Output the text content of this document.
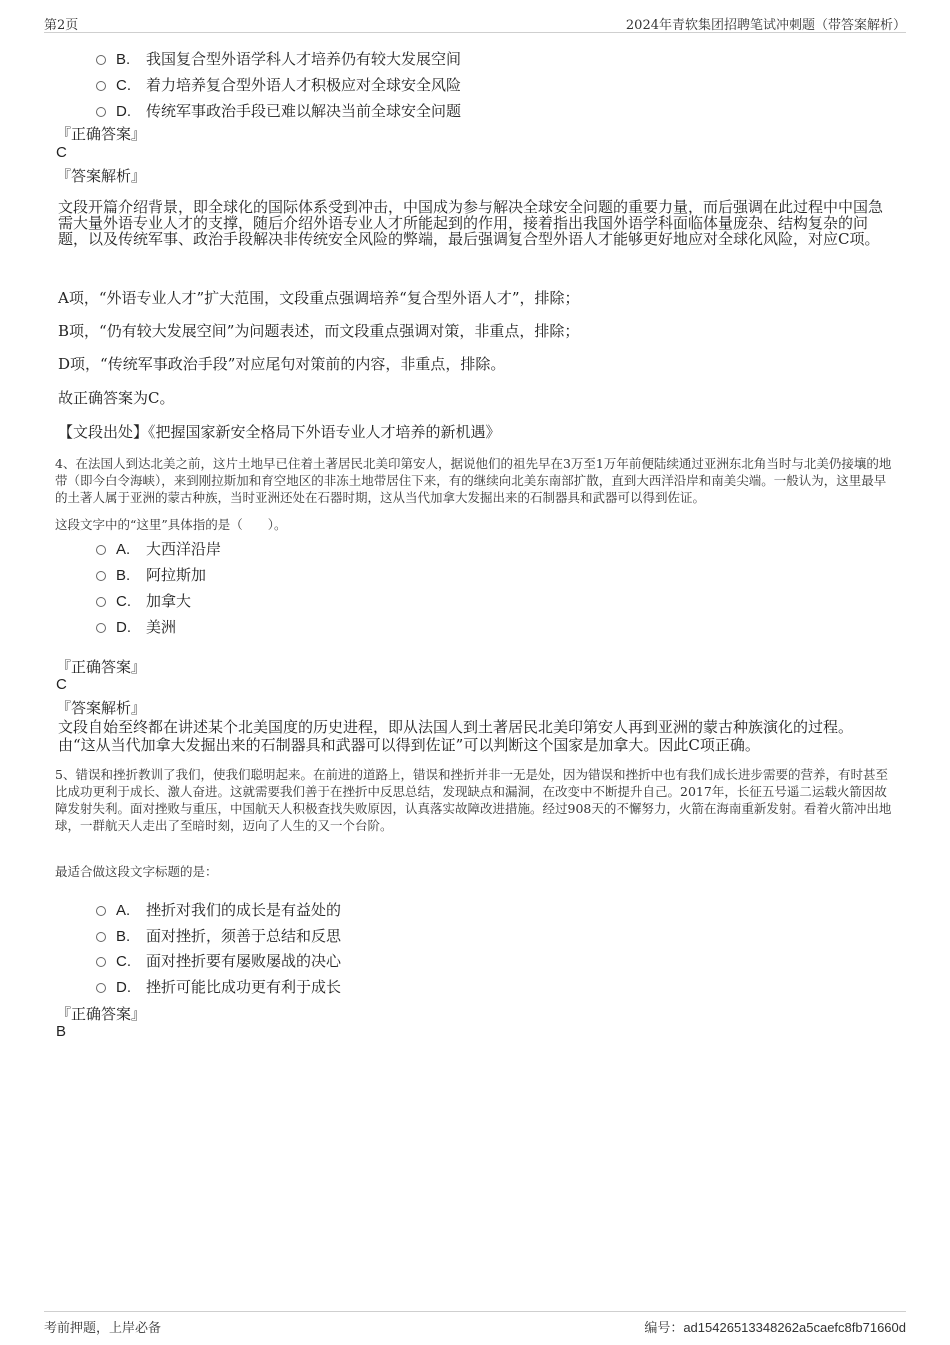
第2页	2024年青软集团招聘笔试冲刺题（带答案解析）
B. 我国复合型外语学科人才培养仍有较大发展空间
C. 着力培养复合型外语人才积极应对全球安全风险
D. 传统军事政治手段已难以解决当前全球安全问题
『正确答案』
C
『答案解析』
文段开篇介绍背景，即全球化的国际体系受到冲击，中国成为参与解决全球安全问题的重要力量，而后强调在此过程中中国急需大量外语专业人才的支撑，随后介绍外语专业人才所能起到的作用，接着指出我国外语学科面临体量庞杂、结构复杂的问题，以及传统军事、政治手段解决非传统安全风险的弊端，最后强调复合型外语人才能够更好地应对全球化风险，对应C项。
A项，“外语专业人才”扩大范围，文段重点强调培养“复合型外语人才”，排除；
B项，“仍有较大发展空间”为问题表述，而文段重点强调对策，非重点，排除；
D项，“传统军事政治手段”对应尾句对策前的内容，非重点，排除。
故正确答案为C。
【文段出处】《把握国家新安全格局下外语专业人才培养的新机遇》
4、在法国人到达北美之前，这片土地早已住着土著居民北美印第安人，据说他们的祖先早在3万至1万年前便陆续通过亚洲东北角当时与北美仍接壤的地带（即今白令海峡），来到刚拉斯加和育空地区的非冻土地带居住下来，有的继续向北美东南部扩散，直到大西洋沿岸和南美尖端。一般认为，这里最早的土著人属于亚洲的蒙古种族，当时亚洲还处在石器时期，这从当代加拿大发掘出来的石制器具和武器可以得到佐证。
这段文字中的“这里”具体指的是（　　）。
A. 大西洋沿岸
B. 阿拉斯加
C. 加拿大
D. 美洲
『正确答案』
C
『答案解析』
文段自始至终都在讲述某个北美国度的历史进程，即从法国人到土著居民北美印第安人再到亚洲的蒙古种族演化的过程。
由“这从当代加拿大发掘出来的石制器具和武器可以得到佐证”可以判断这个国家是加拿大。因此C项正确。
5、错误和挫折教训了我们，使我们聪明起来。在前进的道路上，错误和挫折并非一无是处，因为错误和挫折中也有我们成长进步需要的营养，有时甚至比成功更利于成长、激人奋进。这就需要我们善于在挫折中反思总结，发现缺点和漏洞，在改变中不断提升自己。2017年，长征五号遥二运载火箭因故障发射失利。面对挫败与重压，中国航天人积极查找失败原因，认真落实故障改进措施。经过908天的不懈努力，火箭在海南重新发射。看着火箭冲出地球，一群航天人走出了至暗时刻，迈向了人生的又一个台阶。
最适合做这段文字标题的是：
A. 挫折对我们的成长是有益处的
B. 面对挫折，须善于总结和反思
C. 面对挫折要有屡败屡战的决心
D. 挫折可能比成功更有利于成长
『正确答案』
B
考前押题，上岸必备	编号：ad15426513348262a5caefc8fb71660d
